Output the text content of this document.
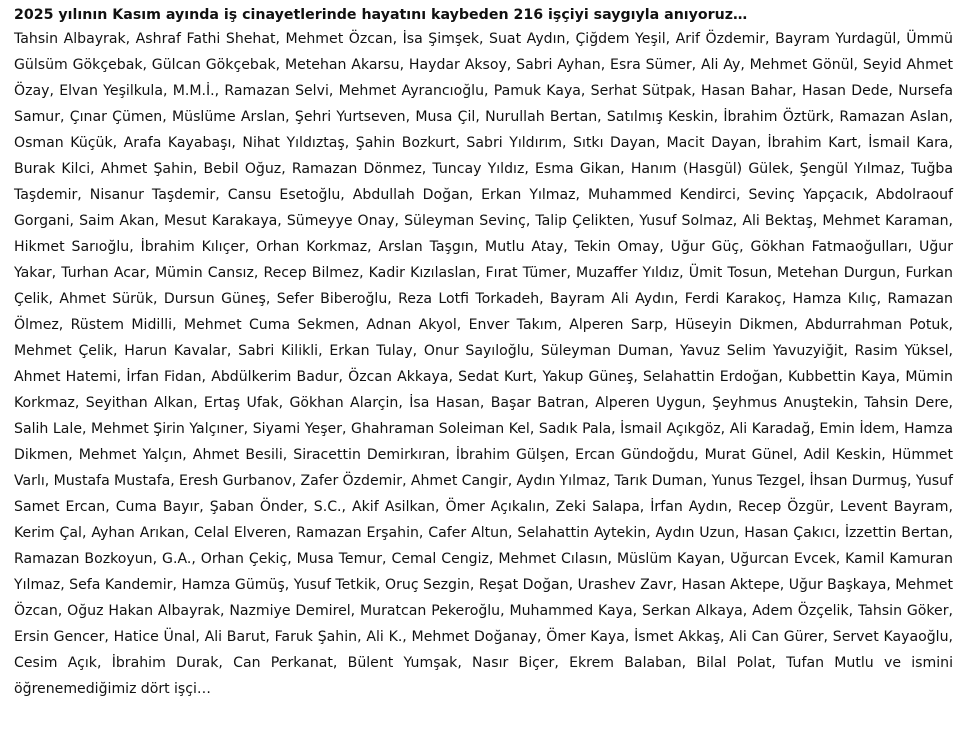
2025 yılının Kasım ayında iş cinayetlerinde hayatını kaybeden 216 işçiyi saygıyla anıyoruz…

Tahsin Albayrak, Ashraf Fathi Shehat, Mehmet Özcan, İsa Şimşek, Suat Aydın, Çiğdem Yeşil, Arif Özdemir, Bayram Yurdagül, Ümmü Gülsüm Gökçebak, Gülcan Gökçebak, Metehan Akarsu, Haydar Aksoy, Sabri Ayhan, Esra Sümer, Ali Ay, Mehmet Gönül, Seyid Ahmet Özay, Elvan Yeşilkula, M.M.İ., Ramazan Selvi, Mehmet Ayrancıoğlu, Pamuk Kaya, Serhat Sütpak, Hasan Bahar, Hasan Dede, Nursefa Samur, Çınar Çümen, Müslüme Arslan, Şehri Yurtseven, Musa Çil, Nurullah Bertan, Satılmış Keskin, İbrahim Öztürk, Ramazan Aslan, Osman Küçük, Arafa Kayabaşı, Nihat Yıldıztaş, Şahin Bozkurt, Sabri Yıldırım, Sıtkı Dayan, Macit Dayan, İbrahim Kart, İsmail Kara, Burak Kilci, Ahmet Şahin, Bebil Oğuz, Ramazan Dönmez, Tuncay Yıldız, Esma Gikan, Hanım (Hasgül) Gülek, Şengül Yılmaz, Tuğba Taşdemir, Nisanur Taşdemir, Cansu Esetoğlu, Abdullah Doğan, Erkan Yılmaz, Muhammed Kendirci, Sevinç Yapçacık, Abdolraouf Gorgani, Saim Akan, Mesut Karakaya, Sümeyye Onay, Süleyman Sevinç, Talip Çelikten, Yusuf Solmaz, Ali Bektaş, Mehmet Karaman, Hikmet Sarıoğlu, İbrahim Kılıçer, Orhan Korkmaz, Arslan Taşgın, Mutlu Atay, Tekin Omay, Uğur Güç, Gökhan Fatmaoğulları, Uğur Yakar, Turhan Acar, Mümin Cansız, Recep Bilmez, Kadir Kızılaslan, Fırat Tümer, Muzaffer Yıldız, Ümit Tosun, Metehan Durgun, Furkan Çelik, Ahmet Sürük, Dursun Güneş, Sefer Biberoğlu, Reza Lotfi Torkadeh, Bayram Ali Aydın, Ferdi Karakoç, Hamza Kılıç, Ramazan Ölmez, Rüstem Midilli, Mehmet Cuma Sekmen, Adnan Akyol, Enver Takım, Alperen Sarp, Hüseyin Dikmen, Abdurrahman Potuk, Mehmet Çelik, Harun Kavalar, Sabri Kilikli, Erkan Tulay, Onur Sayıloğlu, Süleyman Duman, Yavuz Selim Yavuzyiğit, Rasim Yüksel, Ahmet Hatemi, İrfan Fidan, Abdülkerim Badur, Özcan Akkaya, Sedat Kurt, Yakup Güneş, Selahattin Erdoğan, Kubbettin Kaya, Mümin Korkmaz, Seyithan Alkan, Ertaş Ufak, Gökhan Alarçin, İsa Hasan, Başar Batran, Alperen Uygun, Şeyhmus Anuştekin, Tahsin Dere, Salih Lale, Mehmet Şirin Yalçıner, Siyami Yeşer, Ghahraman Soleiman Kel, Sadık Pala, İsmail Açıkgöz, Ali Karadağ, Emin İdem, Hamza Dikmen, Mehmet Yalçın, Ahmet Besili, Siracettin Demirkıran, İbrahim Gülşen, Ercan Gündoğdu, Murat Günel, Adil Keskin, Hümmet Varlı, Mustafa Mustafa, Eresh Gurbanov, Zafer Özdemir, Ahmet Cangir, Aydın Yılmaz, Tarık Duman, Yunus Tezgel, İhsan Durmuş, Yusuf Samet Ercan, Cuma Bayır, Şaban Önder, S.C., Akif Asilkan, Ömer Açıkalın, Zeki Salapa, İrfan Aydın, Recep Özgür, Levent Bayram, Kerim Çal, Ayhan Arıkan, Celal Elveren, Ramazan Erşahin, Cafer Altun, Selahattin Aytekin, Aydın Uzun, Hasan Çakıcı, İzzettin Bertan, Ramazan Bozkoyun, G.A., Orhan Çekiç, Musa Temur, Cemal Cengiz, Mehmet Cılasın, Müslüm Kayan, Uğurcan Evcek, Kamil Kamuran Yılmaz, Sefa Kandemir, Hamza Gümüş, Yusuf Tetkik, Oruç Sezgin, Reşat Doğan, Urashev Zavr, Hasan Aktepe, Uğur Başkaya, Mehmet Özcan, Oğuz Hakan Albayrak, Nazmiye Demirel, Muratcan Pekeroğlu, Muhammed Kaya, Serkan Alkaya, Adem Özçelik, Tahsin Göker, Ersin Gencer, Hatice Ünal, Ali Barut, Faruk Şahin, Ali K., Mehmet Doğanay, Ömer Kaya, İsmet Akkaş, Ali Can Gürer, Servet Kayaoğlu, Cesim Açık, İbrahim Durak, Can Perkanat, Bülent Yumşak, Nasır Biçer, Ekrem Balaban, Bilal Polat, Tufan Mutlu ve ismini öğrenemediğimiz dört işçi…
